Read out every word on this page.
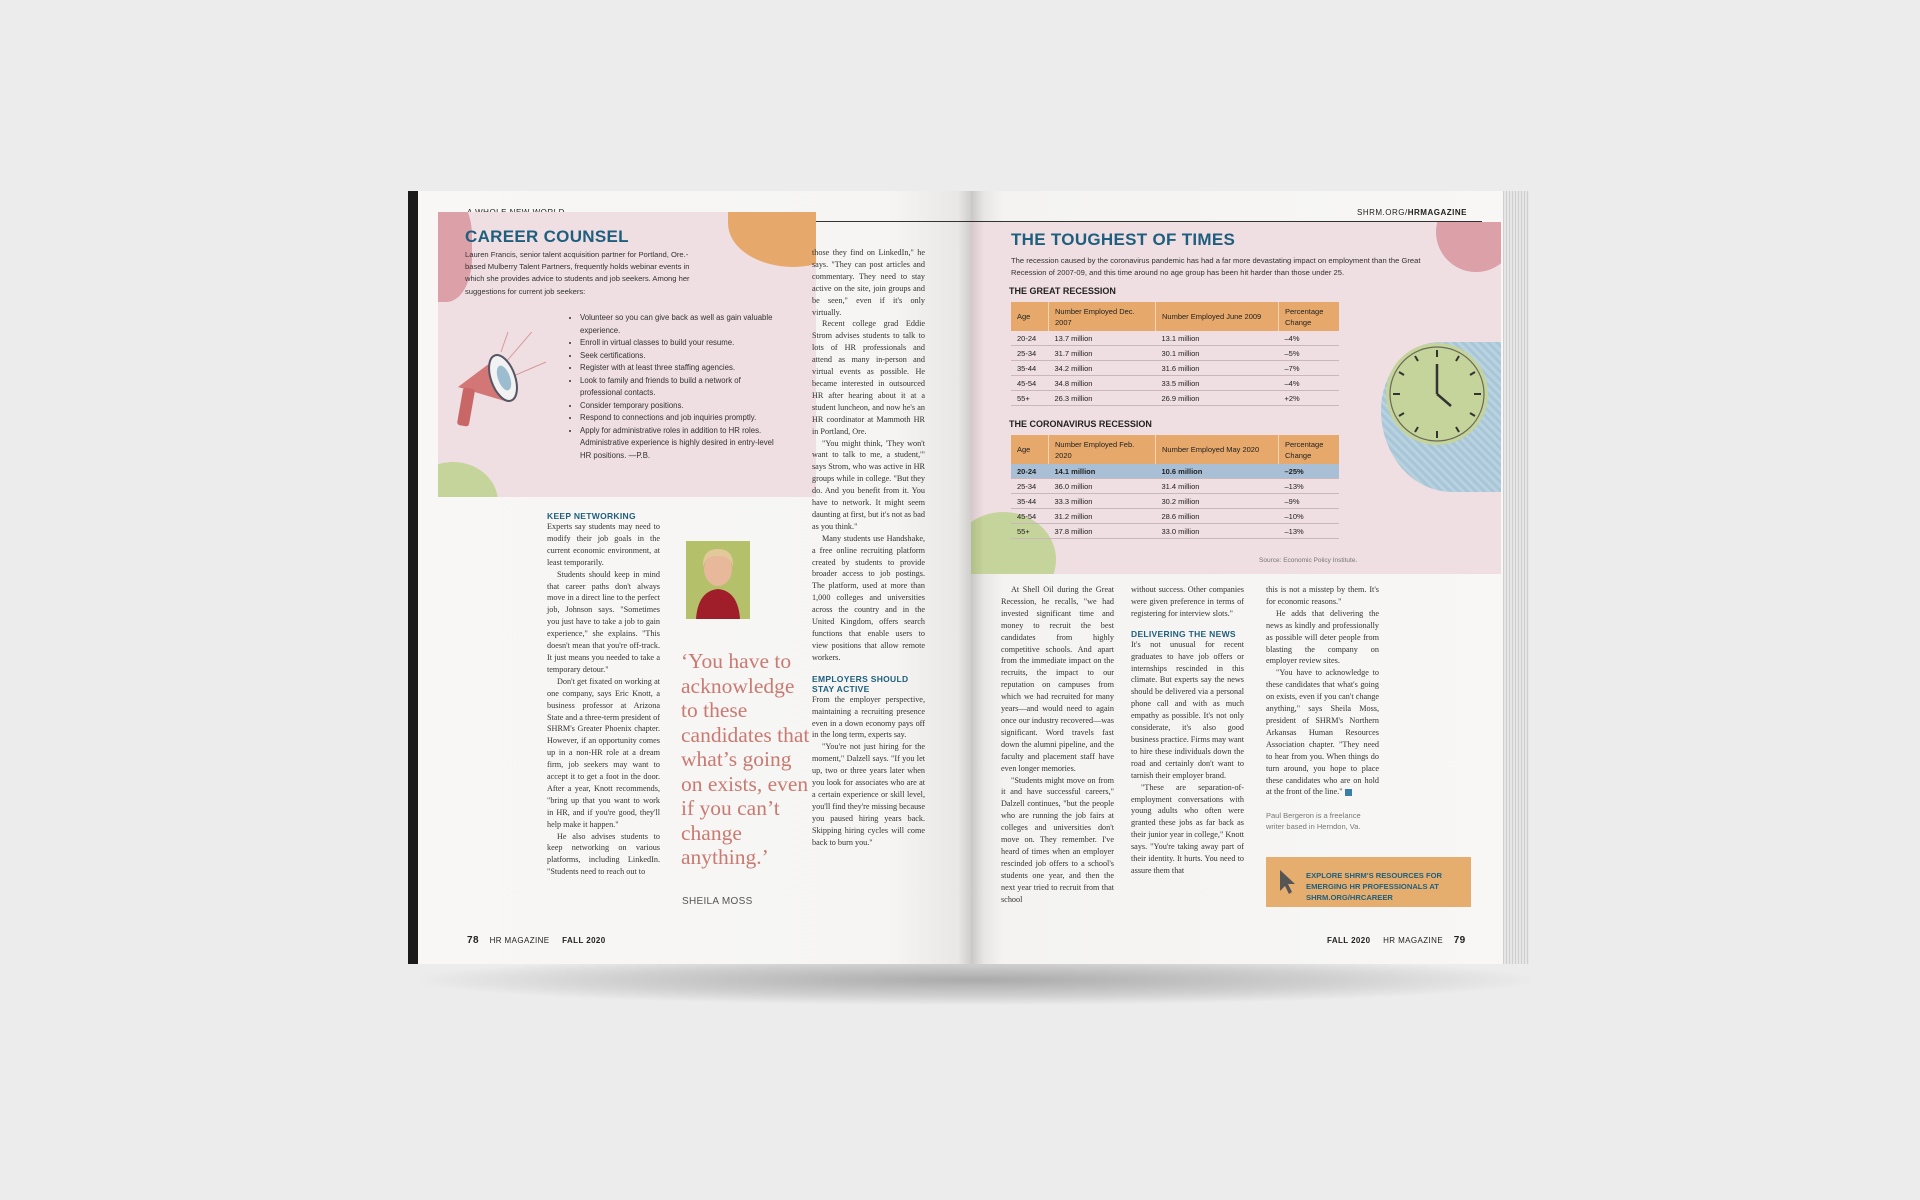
CAREER COUNSEL
Lauren Francis, senior talent acquisition partner for Portland, Ore.-based Mulberry Talent Partners, frequently holds webinar events in which she provides advice to students and job seekers. Among her suggestions for current job seekers:
• Volunteer so you can give back as well as gain valuable experience.
• Enroll in virtual classes to build your resume.
• Seek certifications.
• Register with at least three staffing agencies.
• Look to family and friends to build a network of professional contacts.
• Consider temporary positions.
• Respond to connections and job inquiries promptly.
• Apply for administrative roles in addition to HR roles. Administrative experience is highly desired in entry-level HR positions. —P.B.
KEEP NETWORKING

Experts say students may need to modify their job goals in the current economic environment, at least temporarily.

Students should keep in mind that career paths don't always move in a direct line to the perfect job, Johnson says. "Sometimes you just have to take a job to gain experience," she explains. "This doesn't mean that you're off-track. It just means you needed to take a temporary detour."

Don't get fixated on working at one company, says Eric Knott, a business professor at Arizona State and a three-term president of SHRM's Greater Phoenix chapter. However, if an opportunity comes up in a non-HR role at a dream firm, job seekers may want to accept it to get a foot in the door. After a year, Knott recommends, "bring up that you want to work in HR, and if you're good, they'll help make it happen."

He also advises students to keep networking on various platforms, including LinkedIn. "Students need to reach out to

‘You have to acknowledge to these candidates that what’s going on exists, even if you can’t change anything.’
SHEILA MOSS

those they find on LinkedIn," he says. "They can post articles and commentary. They need to stay active on the site, join groups and be seen," even if it's only virtually.

Recent college grad Eddie Strom advises students to talk to lots of HR professionals and attend as many in-person and virtual events as possible. He became interested in outsourced HR after hearing about it at a student luncheon, and now he's an HR coordinator at Mammoth HR in Portland, Ore.

"You might think, 'They won't want to talk to me, a student,'" says Strom, who was active in HR groups while in college. "But they do. And you benefit from it. You have to network. It might seem daunting at first, but it's not as bad as you think."

Many students use Handshake, a free online recruiting platform created by students to provide broader access to job postings. The platform, used at more than 1,000 colleges and universities across the country and in the United Kingdom, offers search functions that enable users to view positions that allow remote workers.

EMPLOYERS SHOULD STAY ACTIVE

From the employer perspective, maintaining a recruiting presence even in a down economy pays off in the long term, experts say.

"You're not just hiring for the moment," Dalzell says. "If you let up, two or three years later when you look for associates who are at a certain experience or skill level, you'll find they're missing because you paused hiring years back. Skipping hiring cycles will come back to burn you."

78 HR MAGAZINE FALL 2020
SHRM.ORG/HRMAGAZINE
THE TOUGHEST OF TIMES
The recession caused by the coronavirus pandemic has had a far more devastating impact on employment than the Great Recession of 2007-09, and this time around no age group has been hit harder than those under 25.
THE GREAT RECESSION
Age	Number Employed Dec. 2007	Number Employed June 2009	Percentage Change
20-24	13.7 million	13.1 million	–4%
25-34	31.7 million	30.1 million	–5%
35-44	34.2 million	31.6 million	–7%
45-54	34.8 million	33.5 million	–4%
55+	26.3 million	26.9 million	+2%
THE CORONAVIRUS RECESSION
Age	Number Employed Feb. 2020	Number Employed May 2020	Percentage Change
20-24	14.1 million	10.6 million	–25%
25-34	36.0 million	31.4 million	–13%
35-44	33.3 million	30.2 million	–9%
45-54	31.2 million	28.6 million	–10%
55+	37.8 million	33.0 million	–13%
Source: Economic Policy Institute.

At Shell Oil during the Great Recession, he recalls, "we had invested significant time and money to recruit the best candidates from highly competitive schools. And apart from the immediate impact on the recruits, the impact to our reputation on campuses from which we had recruited for many years—and would need to again once our industry recovered—was significant. Word travels fast down the alumni pipeline, and the faculty and placement staff have even longer memories.

"Students might move on from it and have successful careers," Dalzell continues, "but the people who are running the job fairs at colleges and universities don't move on. They remember. I've heard of times when an employer rescinded job offers to a school's students one year, and then the next year tried to recruit from that school

without success. Other companies were given preference in terms of registering for interview slots."

DELIVERING THE NEWS

It's not unusual for recent graduates to have job offers or internships rescinded in this climate. But experts say the news should be delivered via a personal phone call and with as much empathy as possible. It's not only considerate, it's also good business practice. Firms may want to hire these individuals down the road and certainly don't want to tarnish their employer brand.

"These are separation-of-employment conversations with young adults who often were granted these jobs as far back as their junior year in college," Knott says. "You're taking away part of their identity. It hurts. You need to assure them that

this is not a misstep by them. It's for economic reasons."

He adds that delivering the news as kindly and professionally as possible will deter people from blasting the company on employer review sites.

"You have to acknowledge to these candidates that what's going on exists, even if you can't change anything," says Sheila Moss, president of SHRM's Northern Arkansas Human Resources Association chapter. "They need to hear from you. When things do turn around, you hope to place these candidates who are on hold at the front of the line."

Paul Bergeron is a freelance writer based in Herndon, Va.
EXPLORE SHRM'S RESOURCES FOR EMERGING HR PROFESSIONALS AT SHRM.ORG/HRCAREER
FALL 2020 HR MAGAZINE 79
